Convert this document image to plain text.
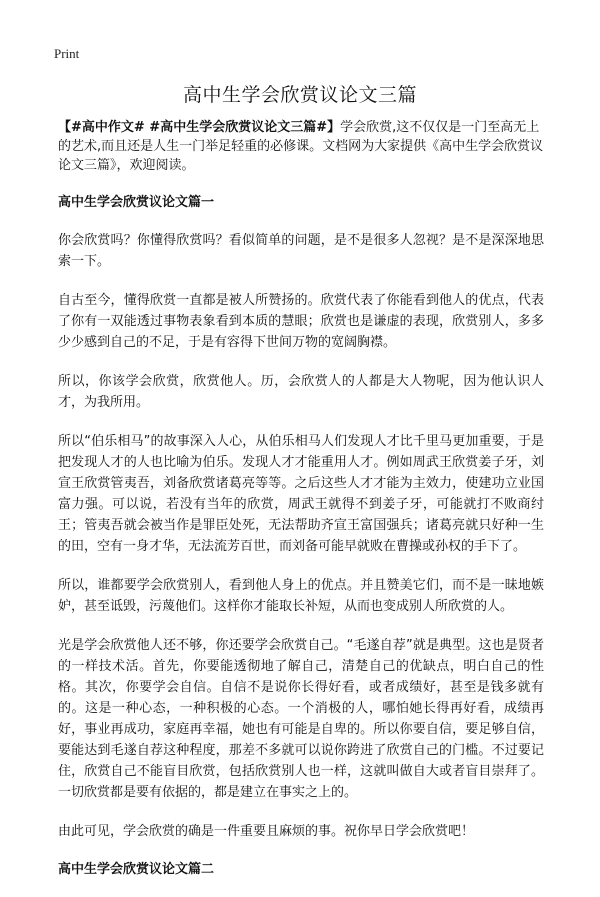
Print
高中生学会欣赏议论文三篇

【#高中作文# #高中生学会欣赏议论文三篇#】学会欣赏,这不仅仅是一门至高无上的艺术,而且还是人生一门举足轻重的必修课。文档网为大家提供《高中生学会欣赏议论文三篇》，欢迎阅读。

高中生学会欣赏议论文篇一

你会欣赏吗？你懂得欣赏吗？看似简单的问题，是不是很多人忽视？是不是深深地思索一下。

自古至今，懂得欣赏一直都是被人所赞扬的。欣赏代表了你能看到他人的优点，代表了你有一双能透过事物表象看到本质的慧眼；欣赏也是谦虚的表现，欣赏别人，多多少少感到自己的不足，于是有容得下世间万物的宽阔胸襟。

所以，你该学会欣赏，欣赏他人。历，会欣赏人的人都是大人物呢，因为他认识人才，为我所用。

所以“伯乐相马”的故事深入人心，从伯乐相马人们发现人才比千里马更加重要，于是把发现人才的人也比喻为伯乐。发现人才才能重用人才。例如周武王欣赏姜子牙，刘宣王欣赏管夷吾，刘备欣赏诸葛亮等等。之后这些人才才能为主效力，使建功立业国富力强。可以说，若没有当年的欣赏，周武王就得不到姜子牙，可能就打不败商纣王；管夷吾就会被当作是罪臣处死，无法帮助齐宣王富国强兵；诸葛亮就只好种一生的田，空有一身才华，无法流芳百世，而刘备可能早就败在曹操或孙权的手下了。

所以，谁都要学会欣赏别人，看到他人身上的优点。并且赞美它们，而不是一昧地嫉妒，甚至诋毁，污蔑他们。这样你才能取长补短，从而也变成别人所欣赏的人。

光是学会欣赏他人还不够，你还要学会欣赏自己。“毛遂自荐”就是典型。这也是贤者的一样技术活。首先，你要能透彻地了解自己，清楚自己的优缺点，明白自己的性格。其次，你要学会自信。自信不是说你长得好看，或者成绩好，甚至是钱多就有的。这是一种心态，一种积极的心态。一个消极的人，哪怕她长得再好看，成绩再好，事业再成功，家庭再幸福，她也有可能是自卑的。所以你要自信，要足够自信，要能达到毛遂自荐这种程度，那差不多就可以说你跨进了欣赏自己的门槛。不过要记住，欣赏自己不能盲目欣赏，包括欣赏别人也一样，这就叫做自大或者盲目崇拜了。一切欣赏都是要有依据的，都是建立在事实之上的。

由此可见，学会欣赏的确是一件重要且麻烦的事。祝你早日学会欣赏吧！

高中生学会欣赏议论文篇二
